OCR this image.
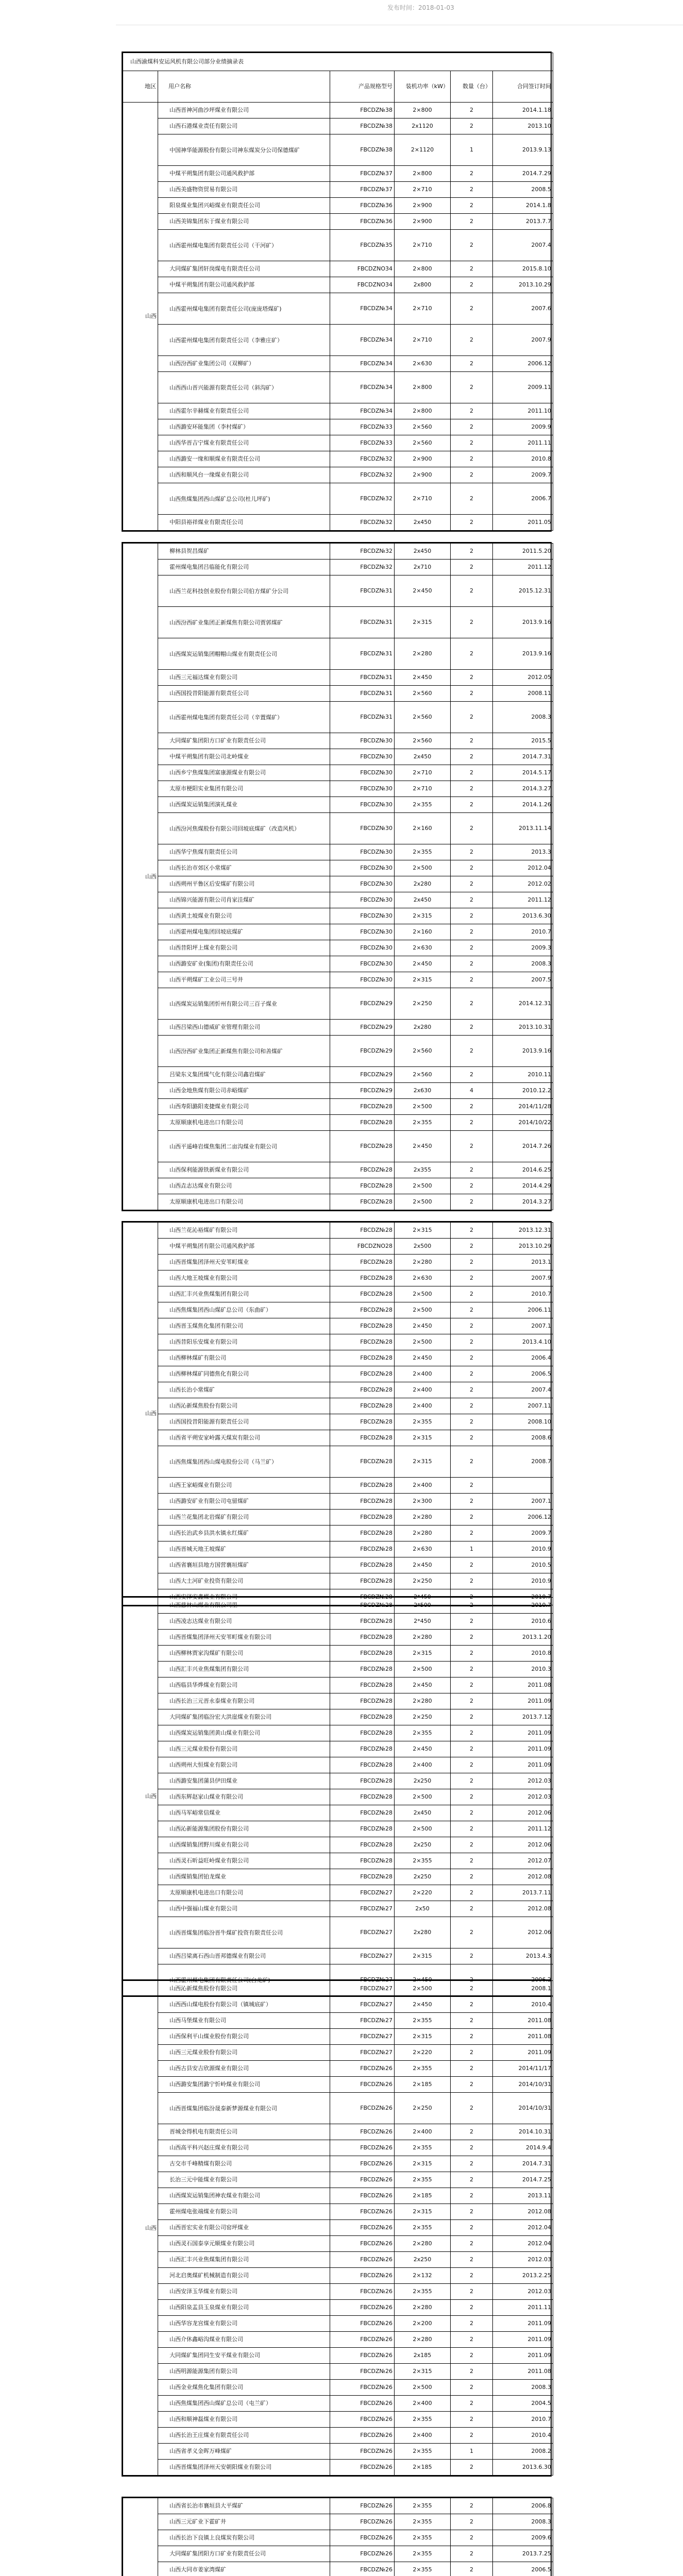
发布时间：2018-01-03
山西渝煤科安运风机有限公司部分业绩摘录表					
地区	用户名称	产品规格型号	装机功率（kW）	数量（台）	合同签订时间
山西	山西晋神河曲沙坪煤业有限公司	FBCDZ№38	2×800	2	2014.1.18
	山西石港煤业责任有限公司	FBCDZ№38	2x1120	2	2013.10
	中国神华能源股份有限公司神东煤炭分公司保德煤矿	FBCDZ№38	2×1120	1	2013.9.13
	中煤平朔集团有限公司通风救护部	FBCDZ№37	2×800	2	2014.7.29
	山西美盛物资贸易有限公司	FBCDZ№37	2×710	2	2008.5
	阳泉煤业集团兴峪煤业有限责任公司	FBCDZ№36	2×900	2	2014.1.8
	山西美锦集团东于煤业有限公司	FBCDZ№36	2×900	2	2013.7.7
	山西霍州煤电集团有限责任公司（干河矿）	FBCDZ№35	2×710	2	2007.4
	大同煤矿集团轩岗煤电有限责任公司	FBCDZNO34	2×800	2	2015.8.10
	中煤平朔集团有限公司通风救护部	FBCDZNO34	2x800	2	2013.10.29
	山西霍州煤电集团有限责任公司(庞庞塔煤矿)	FBCDZ№34	2×710	2	2007.6
	山西霍州煤电集团有限责任公司（李雅庄矿）	FBCDZ№34	2×710	2	2007.9
	山西汾西矿业集团公司（双柳矿）	FBCDZ№34	2×630	2	2006.12
	山西西山晋兴能源有限责任公司（斜沟矿）	FBCDZ№34	2×800	2	2009.11
	山西霍尔辛赫煤业有限责任公司	FBCDZ№34	2×800	2	2011.10
	山西潞安环能集团（李村煤矿）	FBCDZ№33	2×560	2	2009.9
	山西华晋吉宁煤业有限责任公司	FBCDZ№33	2×560	2	2011.11
	山西潞安一缘和顺煤业有限责任公司	FBCDZ№32	2×900	2	2010.8
	山西和顺风台一缘煤业有限公司	FBCDZ№32	2×900	2	2009.7
	山西焦煤集团西山煤矿总公司(杜儿坪矿)	FBCDZ№32	2×710	2	2006.7
	中阳县裕祥煤业有限责任公司	FBCDZ№32	2x450	2	2011.05
山西	柳林县贺昌煤矿	FBCDZ№32	2x450	2	2011.5.20
	霍州煤电集团吕临能化有限公司	FBCDZ№32	2x710	2	2011.12
	山西兰花科技创业股份有限公司伯方煤矿分公司	FBCDZ№31	2×450	2	2015.12.31
	山西汾西矿业集团正新煤焦有限公司贾郭煤矿	FBCDZ№31	2×315	2	2013.9.16
	山西煤炭运销集团帽帽山煤业有限责任公司	FBCDZ№31	2×280	2	2013.9.16
	山西三元福达煤业有限公司	FBCDZ№31	2×450	2	2012.05
	山西国投昔阳能源有限责任公司	FBCDZ№31	2×560	2	2008.11
	山西霍州煤电集团有限责任公司（辛置煤矿）	FBCDZ№31	2×560	2	2008.3
	大同煤矿集团阳方口矿业有限责任公司	FBCDZ№30	2×560	2	2015.5
	中煤平朔集团有限公司北岭煤业	FBCDZ№30	2x450	2	2014.7.31
	山西乡宁焦煤集团富康源煤业有限公司	FBCDZ№30	2×710	2	2014.5.17
	太原市梗阳实业集团有限公司	FBCDZ№30	2×710	2	2014.3.27
	山西煤炭运销集团演礼煤业	FBCDZ№30	2×355	2	2014.1.26
	山西汾河焦煤股份有限公司回坡底煤矿（改造风机）	FBCDZ№30	2×160	2	2013.11.14
	山西华宁焦煤有限责任公司	FBCDZ№30	2×355	2	2013.3
	山西长治市郊区小常煤矿	FBCDZ№30	2×500	2	2012.04
	山西朔州平鲁区后安煤矿有限公司	FBCDZ№30	2x280	2	2012.02
	山西锦兴能源有限公司肖家洼煤矿	FBCDZ№30	2x450	2	2011.12
	山西黄土坡煤业有限公司	FBCDZ№30	2×315	2	2013.6.30
	山西霍州煤电集团回坡底煤矿	FBCDZ№30	2×160	2	2010.7
	山西昔阳坪上煤业有限公司	FBCDZ№30	2×630	2	2009.3
	山西潞安矿业(集团)有限责任公司	FBCDZ№30	2×450	2	2008.3
	山西平朔煤矿工业公司三号井	FBCDZ№30	2×315	2	2007.5
	山西煤炭运销集团忻州有限公司三百子煤业	FBCDZ№29	2×250	2	2014.12.31
	山西吕梁西山德威矿业管理有限公司	FBCDZ№29	2x280	2	2013.10.31
	山西汾西矿业集团正新煤焦有限公司和善煤矿	FBCDZ№29	2×560	2	2013.9.16
	吕梁东义集团煤气化有限公司鑫岩煤矿	FBCDZ№29	2×560	2	2010.11
	山西金地焦煤有限公司赤峪煤矿	FBCDZ№29	2x630	4	2010.12.2
	山西寿阳潞阳麦捷煤业有限公司	FBCDZ№28	2×500	2	2014/11/28
	太原顺康机电进出口有限公司	FBCDZ№28	2×355	2	2014/10/22
	山西平遥峰岩煤焦集团二亩沟煤业有限公司	FBCDZ№28	2×450	2	2014.7.26
	山西保利能源铁新煤业有限公司	FBCDZ№28	2x355	2	2014.6.25
	山西垚志达煤业有限公司	FBCDZ№28	2×500	2	2014.4.29
	太原顺康机电进出口有限公司	FBCDZ№28	2×500	2	2014.3.27
山西	山西兰花沁裕煤矿有限公司	FBCDZ№28	2×315	2	2013.12.31
	中煤平朔集团有限公司通风救护部	FBCDZNO28	2x500	2	2013.10.29
	山西晋煤集团泽州天安苇町煤业	FBCDZ№28	2×280	2	2013.1
	山西大地王坡煤业有限公司	FBCDZ№28	2×630	2	2007.9
	山西汇丰兴业焦煤集团有限公司	FBCDZ№28	2×500	2	2010.7
	山西焦煤集团西山煤矿总公司（东曲矿）	FBCDZ№28	2×500	2	2006.11
	山西晋玉煤焦化集团有限公司	FBCDZ№28	2×450	2	2007.1
	山西昔阳乐安煤业有限公司	FBCDZ№28	2×500	2	2013.4.10
	山西柳林煤矿有限公司	FBCDZ№28	2×450	2	2006.4
	山西柳林煤矿同德焦化有限公司	FBCDZ№28	2×400	2	2006.5
	山西长治小常煤矿	FBCDZ№28	2×400	2	2007.4
	山西沁新煤焦股份有限公司	FBCDZ№28	2×400	2	2007.11
	山西国投昔阳能源有限责任公司	FBCDZ№28	2×355	2	2008.10
	山西省平朔安家岭露天煤炭有限公司	FBCDZ№28	2×315	2	2008.6
	山西焦煤集团西山煤电股份公司（马兰矿）	FBCDZ№28	2×315	2	2008.7
	山西王家峪煤业有限公司	FBCDZ№28	2×400	2	
	山西潞安矿业有限公司屯留煤矿	FBCDZ№28	2×300	2	2007.1
	山西兰花集团北岩煤矿有限公司	FBCDZ№28	2×280	2	2006.12
	山西长治武乡县洪水镇永红煤矿	FBCDZ№28	2×280	2	2009.7
	山西晋城天地王坡煤矿	FBCDZ№28	2×630	1	2010.9
	山西省襄垣县地方国营襄垣煤矿	FBCDZ№28	2×450	2	2010.5
	山西大土河矿业投资有限公司	FBCDZ№28	2×250	2	2010.9
	山西安泽安鑫煤业有限公司	FBCDZ№28	2*450	2	2010.7
山西	山西慈林山煤业有限公司里	FBCDZ№28	2*500	2	2010.7
	山西凌志达煤业有限公司	FBCDZ№28	2*450	2	2010.6
	山西晋煤集团泽州天安苇町煤业有限公司	FBCDZ№28	2×280	2	2013.1.20
	山西柳林贾家沟煤矿有限公司	FBCDZ№28	2×315	2	2010.8
	山西汇丰兴业焦煤集团有限公司	FBCDZ№28	2×500	2	2010.3
	山西临县华烨煤业有限公司	FBCDZ№28	2×450	2	2011.08
	山西长治三元晋永泰煤业有限公司	FBCDZ№28	2×280	2	2011.09
	大同煤矿集团临汾宏大洪崖煤业有限公司	FBCDZ№28	2×250	2	2013.7.12
	山西煤炭运销集团黄山煤业有限公司	FBCDZ№28	2×355	2	2011.09
	山西三元煤业股份有限公司	FBCDZ№28	2×450	2	2011.09
	山西朔州大恒煤业有限公司	FBCDZ№28	2×400	2	2011.09
	山西潞安集团蒲县伊田煤业	FBCDZ№28	2x250	2	2012.03
	山西东辉赵家山煤业有限公司	FBCDZ№28	2×500	2	2012.03
	山西马军峪常信煤业	FBCDZ№28	2x450	2	2012.06
	山西沁新能源集团股份有限公司	FBCDZ№28	2×500	2	2011.12
	山西煤销集团野川煤业有限公司	FBCDZ№28	2x250	2	2012.06
	山西灵石昕益旺岭煤业有限公司	FBCDZ№28	2×355	2	2012.07
	山西煤销集团铂龙煤业	FBCDZ№28	2x250	2	2012.08
	太原顺康机电进出口有限公司	FBCDZ№27	2×220	2	2013.7.11
	山西中强福山煤业有限公司	FBCDZ№27	2x50	2	2012.08
	山西晋煤集团临汾晋牛煤矿投资有限责任公司	FBCDZ№27	2x280	2	2012.06
	山西吕梁离石西山晋邦德煤业有限公司	FBCDZ№27	2×315	2	2013.4.3
	山西霍州煤电集团有限责任公司(白龙矿)	FBCDZ№27	2×450	2	2006.2
山西	山西沁新煤焦股份有限公司	FBCDZ№27	2×500	2	2008.1
	山西西山煤电股份有限公司（镇城底矿）	FBCDZ№27	2×450	2	2010.4
	山西马堡煤业有限公司	FBCDZ№27	2×355	2	2011.08
	山西保利平山煤业股份有限公司	FBCDZ№27	2×315	2	2011.08
	山西三元煤业股份有限公司	FBCDZ№27	2×220	2	2011.09
	山西古县安吉欣源煤业有限公司	FBCDZ№26	2×355	2	2014/11/17
	山西潞安集团潞宁忻岭煤业有限公司	FBCDZ№26	2×185	2	2014/10/31
	山西晋煤集团临汾晟泰新梦源煤业有限公司	FBCDZ№26	2×250	2	2014/10/31
	晋城金得机电有限责任公司	FBCDZ№26	2×400	2	2014.10.31
	山西高平科兴赵庄煤业有限公司	FBCDZ№26	2×355	2	2014.9.4
	古交市千峰精煤有限公司	FBCDZ№26	2×315	2	2014.7.31
	长治三元中能煤业有限公司	FBCDZ№26	2×355	2	2014.7.25
	山西煤炭运销集团神农煤业有限公司	FBCDZ№26	2×185	2	2013.11
	霍州煤电张端煤业有限公司	FBCDZ№26	2×315	2	2012.08
	山西晋宏实业有限公司窑坪煤业	FBCDZ№26	2×355	2	2012.04
	山西灵石国泰享元顺煤业有限公司	FBCDZ№26	2×280	2	2012.04
	山西汇丰兴业焦煤集团有限公司	FBCDZ№26	2x250	2	2012.03
	河北启奥煤矿机械制造有限公司	FBCDZ№26	2×132	2	2013.2.25
	山西安泽玉华煤业有限公司	FBCDZ№26	2×355	2	2012.03
	山西阳泉盂县玉泉煤业有限公司	FBCDZ№26	2×280	2	2011.11
	山西华容龙宫煤业有限公司	FBCDZ№26	2×200	2	2011.09
	山西介休鑫峪沟煤业有限公司	FBCDZ№26	2×280	2	2011.09
	大同煤矿集团同生安平煤业有限公司	FBCDZ№26	2x185	2	2011.09
	山西明源能源集团有限公司	FBCDZ№26	2×315	2	2011.08
	山西金业煤焦化集团有限公司	FBCDZ№26	2×500	2	2008.3
	山西焦煤集团西山煤矿总公司（屯兰矿）	FBCDZ№26	2×400	2	2004.5
	山西和顺神磊煤业有限公司	FBCDZ№26	2×355	2	2010.7
	山西长治王庄煤业有限责任公司	FBCDZ№26	2×400	2	2010.4
	山西省孝义金晖万峰煤矿	FBCDZ№26	2×355	1	2008.2
	山西晋煤集团泽州天安朝阳煤业有限公司	FBCDZ№26	2×185	2	2013.6.30
	山西省长治市襄垣县大平煤矿	FBCDZ№26	2×355	2	2006.8
	山西三元矿业下霍矿井	FBCDZ№26	2×355	2	2008.3
	山西长治下良镇上良煤炭有限公司	FBCDZ№26	2×355	2	2009.6
	大同煤矿集团阳方口矿业有限责任公司	FBCDZ№26	2×355	2	2013.7.25
	山西大同市姜家湾煤矿	FBCDZ№26	2×355	2	2006.5
